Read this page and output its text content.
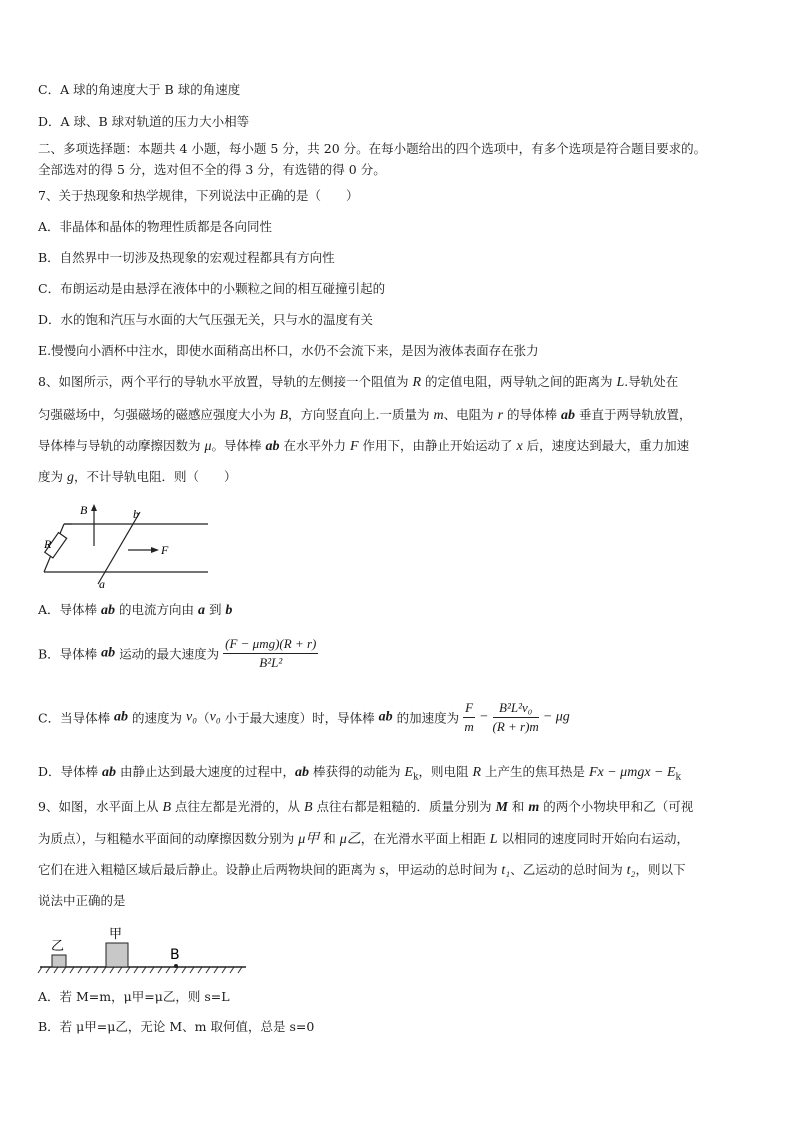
C．A 球的角速度大于 B 球的角速度
D．A 球、B 球对轨道的压力大小相等
二、多项选择题：本题共 4 小题，每小题 5 分，共 20 分。在每小题给出的四个选项中，有多个选项是符合题目要求的。
全部选对的得 5 分，选对但不全的得 3 分，有选错的得 0 分。
7、关于热现象和热学规律，下列说法中正确的是（　　）
A．非晶体和晶体的物理性质都是各向同性
B．自然界中一切涉及热现象的宏观过程都具有方向性
C．布朗运动是由悬浮在液体中的小颗粒之间的相互碰撞引起的
D．水的饱和汽压与水面的大气压强无关，只与水的温度有关
E.慢慢向小酒杯中注水，即使水面稍高出杯口，水仍不会流下来，是因为液体表面存在张力
8、如图所示，两个平行的导轨水平放置，导轨的左侧接一个阻值为 R 的定值电阻，两导轨之间的距离为 L.导轨处在
匀强磁场中，匀强磁场的磁感应强度大小为 B，方向竖直向上.一质量为 m、电阻为 r 的导体棒 ab 垂直于两导轨放置，
导体棒与导轨的动摩擦因数为 μ。导体棒 ab 在水平外力 F 作用下，由静止开始运动了 x 后，速度达到最大，重力加速
度为 g，不计导轨电阻．则（　　）
B	b
R	F
a
A．导体棒 ab 的电流方向由 a 到 b
B．导体棒 ab 运动的最大速度为 $\frac{\text{(F − μmg)(R + r)}}{\text{B²L²}}$
C．当导体棒 ab 的速度为 v₀（v₀ 小于最大速度）时，导体棒 ab 的加速度为 $\frac{F}{m} - \frac{\text{B²L²v₀}}{(R + r)m} - \mu g$
D．导体棒 ab 由静止达到最大速度的过程中，ab 棒获得的动能为 $E_k$，则电阻 R 上产生的焦耳热是 $Fx - \mu mgx - E_k$
9、如图，水平面上从 B 点往左都是光滑的，从 B 点往右都是粗糙的．质量分别为 M 和 m 的两个小物块甲和乙（可视
为质点），与粗糙水平面间的动摩擦因数分别为 μ甲 和 μ乙，在光滑水平面上相距 L 以相同的速度同时开始向右运动，
它们在进入粗糙区域后最后静止。设静止后两物块间的距离为 s，甲运动的总时间为 t₁、乙运动的总时间为 t₂，则以下
说法中正确的是
乙
甲
B
A．若 M=m，μ甲=μ乙，则 s=L
B．若 μ甲=μ乙，无论 M、m 取何值，总是 s=0
